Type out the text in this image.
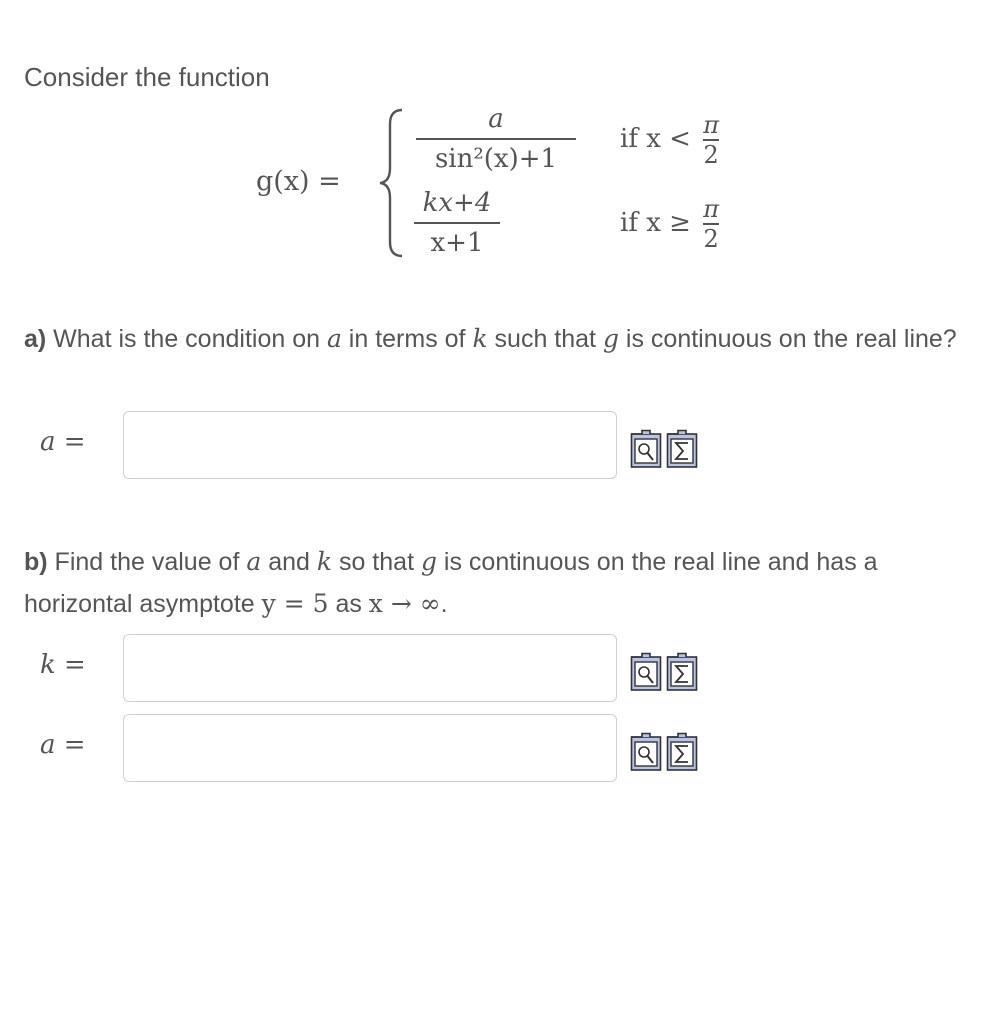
Consider the function
g(x) =
a
sin²(x)+1
if $x < \frac{\pi}{2}$
kx+4
x+1
if $x \ge \frac{\pi}{2}$
a) What is the condition on a in terms of k such that g is continuous on the real line?
a =
b) Find the value of a and k so that g is continuous on the real line and has a horizontal asymptote y = 5 as x → ∞.
k =
a =
